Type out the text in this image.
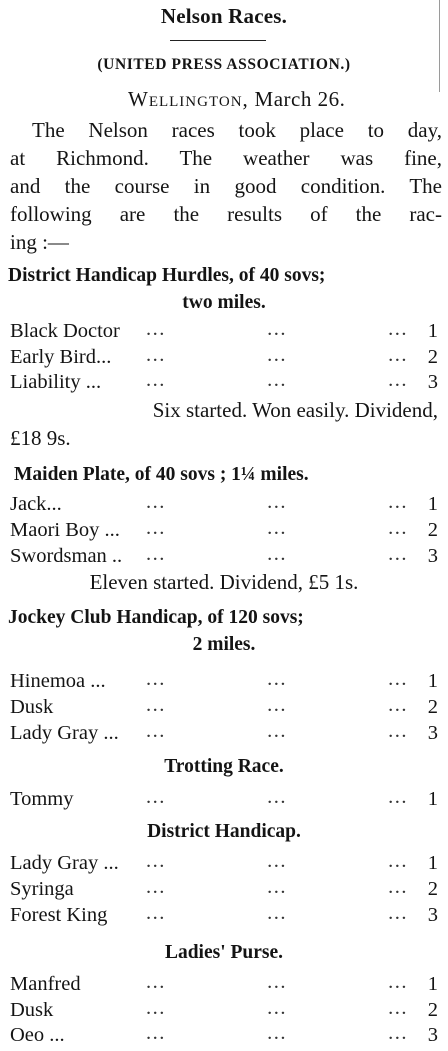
Nelson Races.
(UNITED PRESS ASSOCIATION.)
Wellington, March 26.
The Nelson races took place to day,
at Richmond. The weather was fine,
and the course in good condition. The
following are the results of the rac-
ing :—
District Handicap Hurdles, of 40 sovs;
two miles.
Black Doctor ...	...	... 1
Early Bird... ...	...	... 2
Liability ... ...	...	... 3
Six started. Won easily. Dividend,
£18 9s.
Maiden Plate, of 40 sovs ; 1¼ miles.
Jack...	...	...	... 1
Maori Boy ... ...	...	... 2
Swordsman .. ...	...	... 3
Eleven started. Dividend, £5 1s.
Jockey Club Handicap, of 120 sovs;
2 miles.
Hinemoa ... ...	...	... 1
Dusk	...	...	... 2
Lady Gray ... ...	...	... 3
Trotting Race.
Tommy	...	...	... 1
District Handicap.
Lady Gray ... ...	...	... 1
Syringa	...	...	... 2
Forest King ...	...	... 3
Ladies' Purse.
Manfred	...	...	... 1
Dusk	...	...	... 2
Oeo ...	...	...	... 3
